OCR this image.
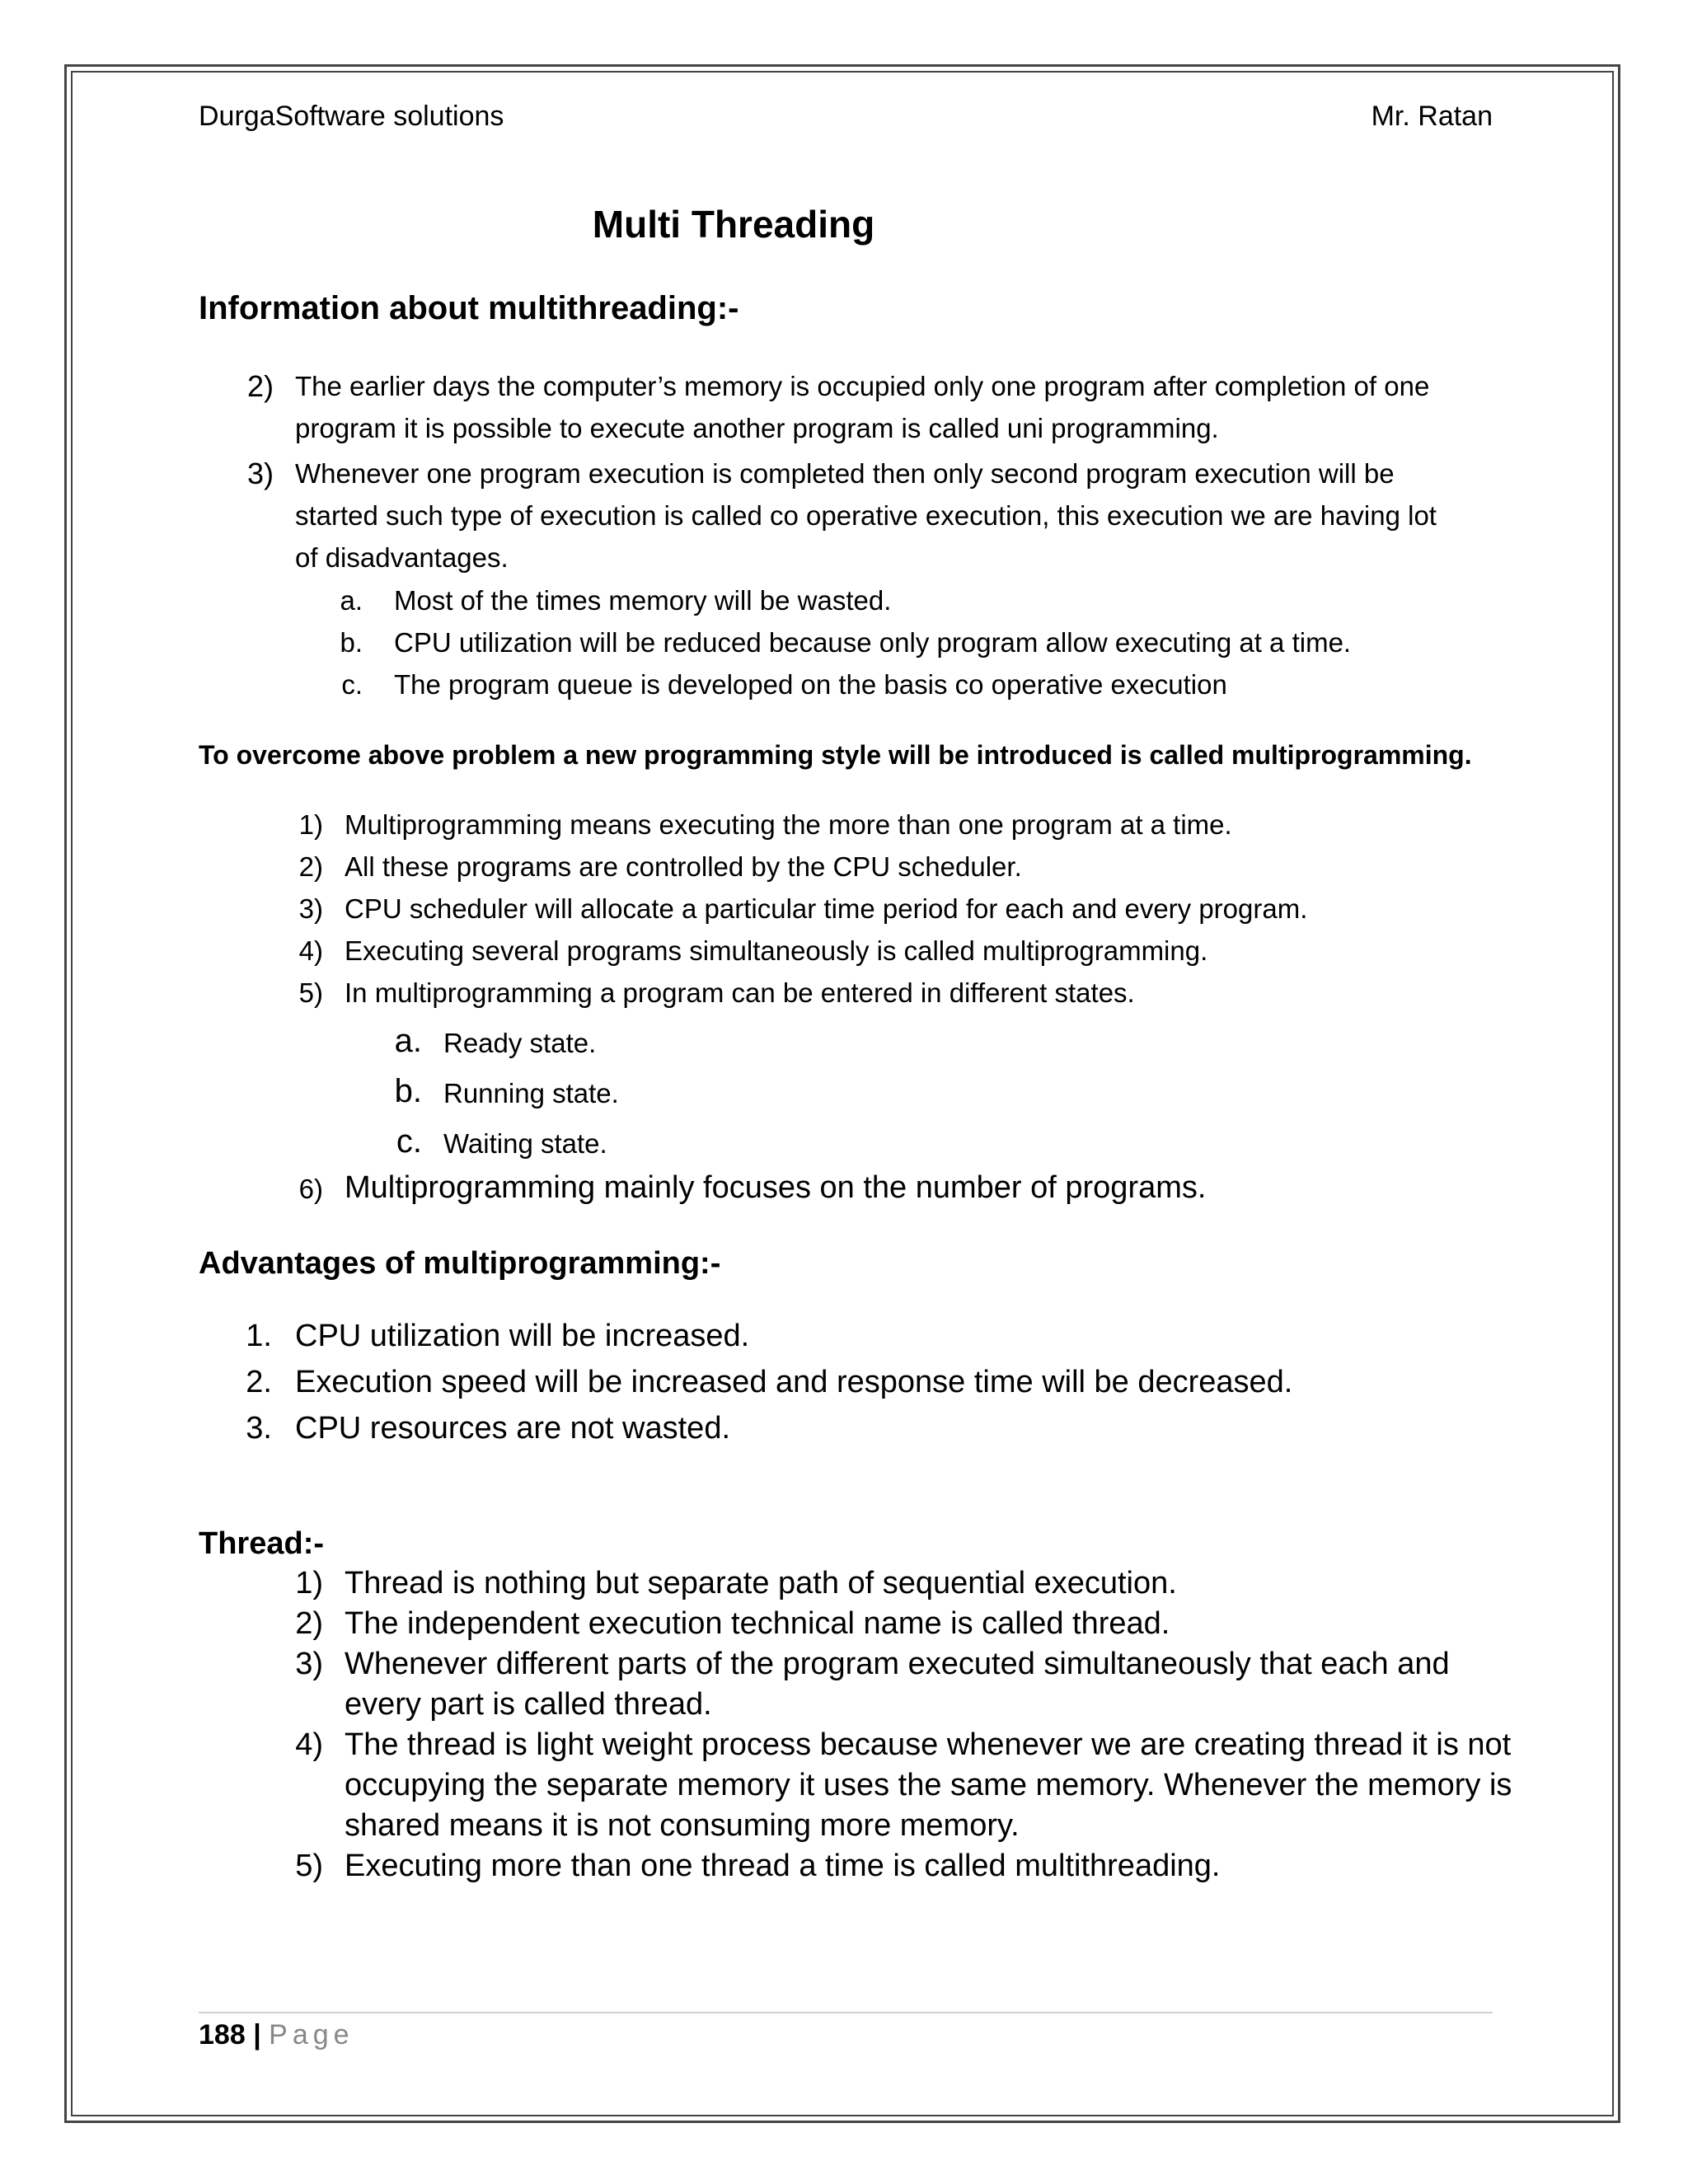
DurgaSoftware solutions	Mr. Ratan
Multi Threading
Information about multithreading:-
2) The earlier days the computer’s memory is occupied only one program after completion of one
program it is possible to execute another program is called uni programming.
3) Whenever one program execution is completed then only second program execution will be
started such type of execution is called co operative execution, this execution we are having lot
of disadvantages.
a. Most of the times memory will be wasted.
b. CPU utilization will be reduced because only program allow executing at a time.
c. The program queue is developed on the basis co operative execution
To overcome above problem a new programming style will be introduced is called multiprogramming.
1) Multiprogramming means executing the more than one program at a time.
2) All these programs are controlled by the CPU scheduler.
3) CPU scheduler will allocate a particular time period for each and every program.
4) Executing several programs simultaneously is called multiprogramming.
5) In multiprogramming a program can be entered in different states.
a. Ready state.
b. Running state.
c. Waiting state.
6) Multiprogramming mainly focuses on the number of programs.
Advantages of multiprogramming:-
1. CPU utilization will be increased.
2. Execution speed will be increased and response time will be decreased.
3. CPU resources are not wasted.
Thread:-
1) Thread is nothing but separate path of sequential execution.
2) The independent execution technical name is called thread.
3) Whenever different parts of the program executed simultaneously that each and
every part is called thread.
4) The thread is light weight process because whenever we are creating thread it is not
occupying the separate memory it uses the same memory. Whenever the memory is
shared means it is not consuming more memory.
5) Executing more than one thread a time is called multithreading.
188 | Page
